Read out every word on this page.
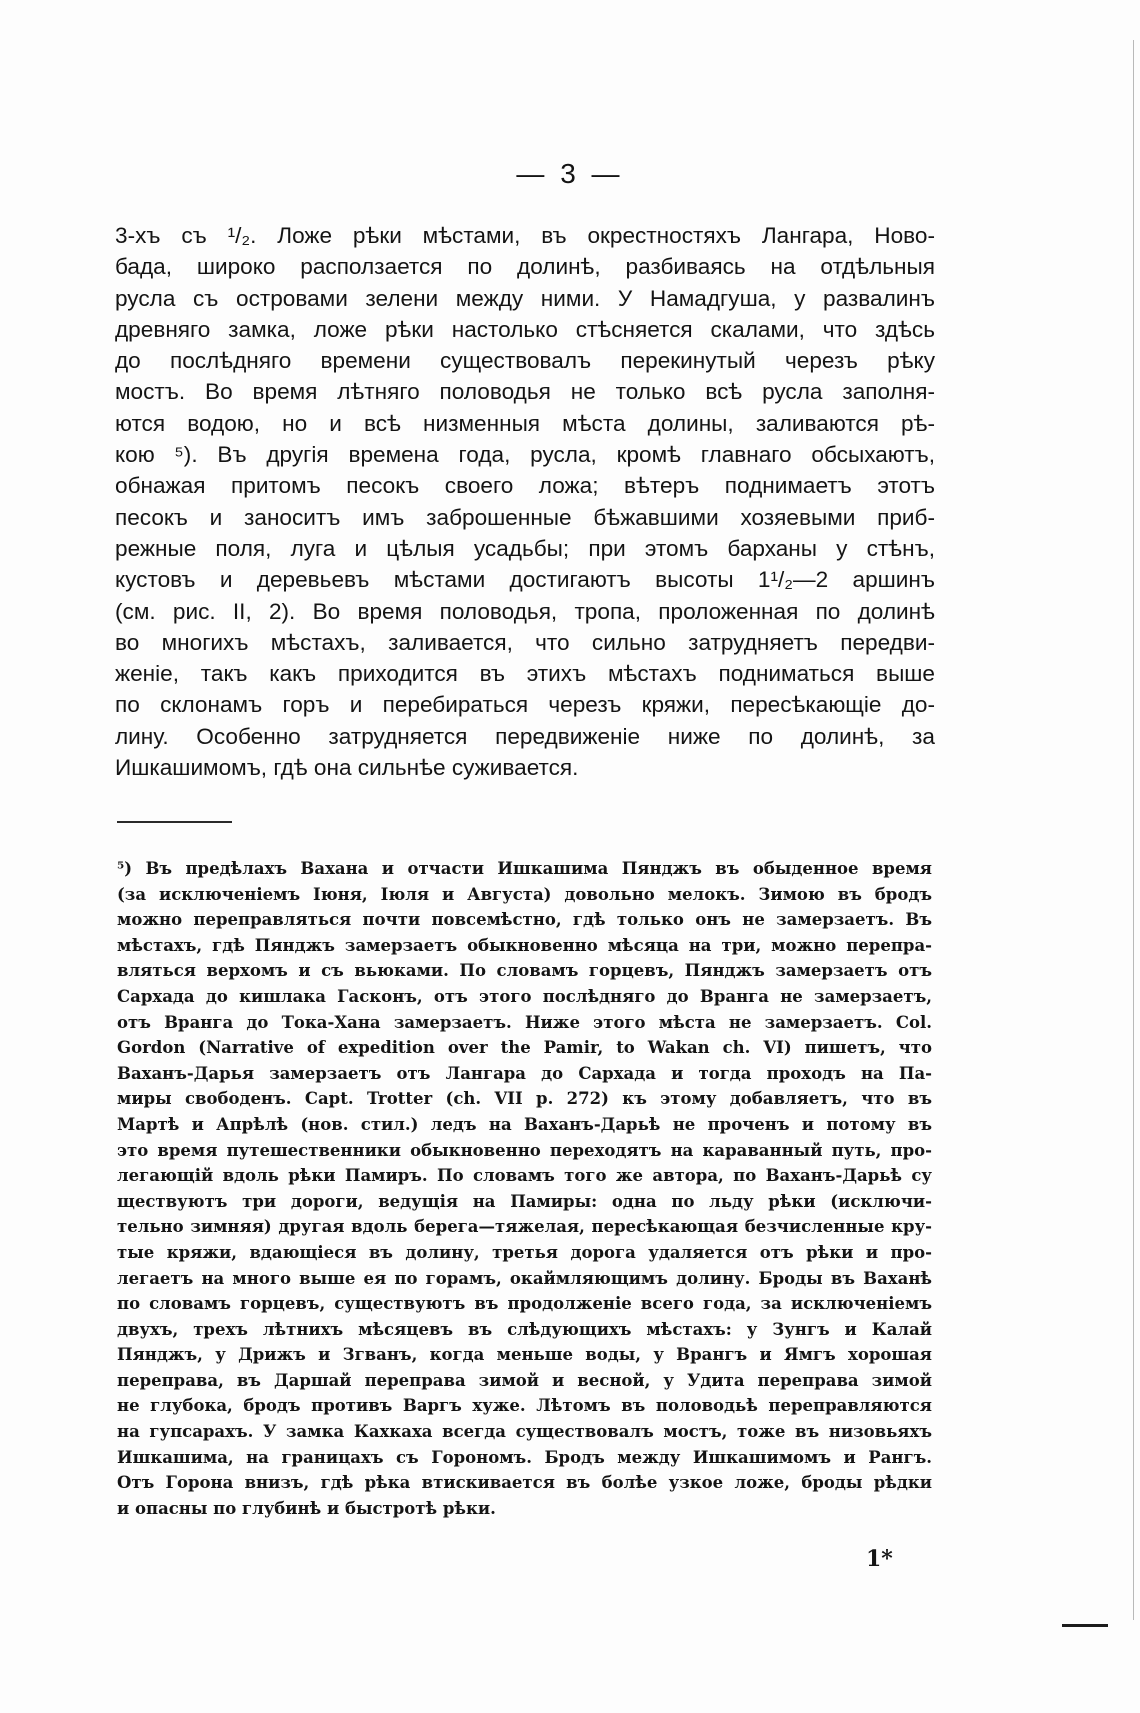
— 3 —
3-хъ съ ¹/₂. Ложе рѣки мѣстами, въ окрестностяхъ Лангара, Ново-
бада, широко расползается по долинѣ, разбиваясь на отдѣльныя
русла съ островами зелени между ними. У Намадгуша, у развалинъ
древняго замка, ложе рѣки настолько стѣсняется скалами, что здѣсь
до послѣдняго времени существовалъ перекинутый черезъ рѣку
мостъ. Во время лѣтняго половодья не только всѣ русла заполня-
ются водою, но и всѣ низменныя мѣста долины, заливаются рѣ-
кою ⁵). Въ другія времена года, русла, кромѣ главнаго обсыхаютъ,
обнажая притомъ песокъ своего ложа; вѣтеръ поднимаетъ этотъ
песокъ и заноситъ имъ заброшенные бѣжавшими хозяевыми приб-
режные поля, луга и цѣлыя усадьбы; при этомъ барханы у стѣнъ,
кустовъ и деревьевъ мѣстами достигаютъ высоты 1¹/₂—2 аршинъ
(см. рис. II, 2). Во время половодья, тропа, проложенная по долинѣ
во многихъ мѣстахъ, заливается, что сильно затрудняетъ передви-
женіе, такъ какъ приходится въ этихъ мѣстахъ подниматься выше
по склонамъ горъ и перебираться черезъ кряжи, пересѣкающіе до-
лину. Особенно затрудняется передвиженіе ниже по долинѣ, за
Ишкашимомъ, гдѣ она сильнѣе суживается.
⁵) Въ предѣлахъ Вахана и отчасти Ишкашима Пянджъ въ обыденное время
(за исключеніемъ Іюня, Іюля и Августа) довольно мелокъ. Зимою въ бродъ
можно переправляться почти повсемѣстно, гдѣ только онъ не замерзаетъ. Въ
мѣстахъ, гдѣ Пянджъ замерзаетъ обыкновенно мѣсяца на три, можно перепра-
вляться верхомъ и съ вьюками. По словамъ горцевъ, Пянджъ замерзаетъ отъ
Сархада до кишлака Гасконъ, отъ этого послѣдняго до Вранга не замерзаетъ,
отъ Вранга до Тока-Хана замерзаетъ. Ниже этого мѣста не замерзаетъ. Col.
Gordon (Narrative of expedition over the Pamir, to Wakan ch. VI) пишетъ, что
Ваханъ-Дарья замерзаетъ отъ Лангара до Сархада и тогда проходъ на Па-
миры свободенъ. Capt. Trotter (ch. VII p. 272) къ этому добавляетъ, что въ
Мартѣ и Апрѣлѣ (нов. стил.) ледъ на Ваханъ-Дарьѣ не проченъ и потому въ
это время путешественники обыкновенно переходятъ на караванный путь, про-
легающій вдоль рѣки Памиръ. По словамъ того же автора, по Ваханъ-Дарьѣ су
ществуютъ три дороги, ведущія на Памиры: одна по льду рѣки (исключи-
тельно зимняя) другая вдоль берега—тяжелая, пересѣкающая безчисленные кру-
тые кряжи, вдающіеся въ долину, третья дорога удаляется отъ рѣки и про-
легаетъ на много выше ея по горамъ, окаймляющимъ долину. Броды въ Ваханѣ
по словамъ горцевъ, существуютъ въ продолженіе всего года, за исключеніемъ
двухъ, трехъ лѣтнихъ мѣсяцевъ въ слѣдующихъ мѣстахъ: у Зунгъ и Калай
Пянджъ, у Дрижъ и Згванъ, когда меньше воды, у Врангъ и Ямгъ хорошая
переправа, въ Даршай переправа зимой и весной, у Удита переправа зимой
не глубока, бродъ противъ Варгъ хуже. Лѣтомъ въ половодьѣ переправляются
на гупсарахъ. У замка Кахкаха всегда существовалъ мостъ, тоже въ низовьяхъ
Ишкашима, на границахъ съ Горономъ. Бродъ между Ишкашимомъ и Рангъ.
Отъ Горона внизъ, гдѣ рѣка втискивается въ болѣе узкое ложе, броды рѣдки
и опасны по глубинѣ и быстротѣ рѣки.
1*
